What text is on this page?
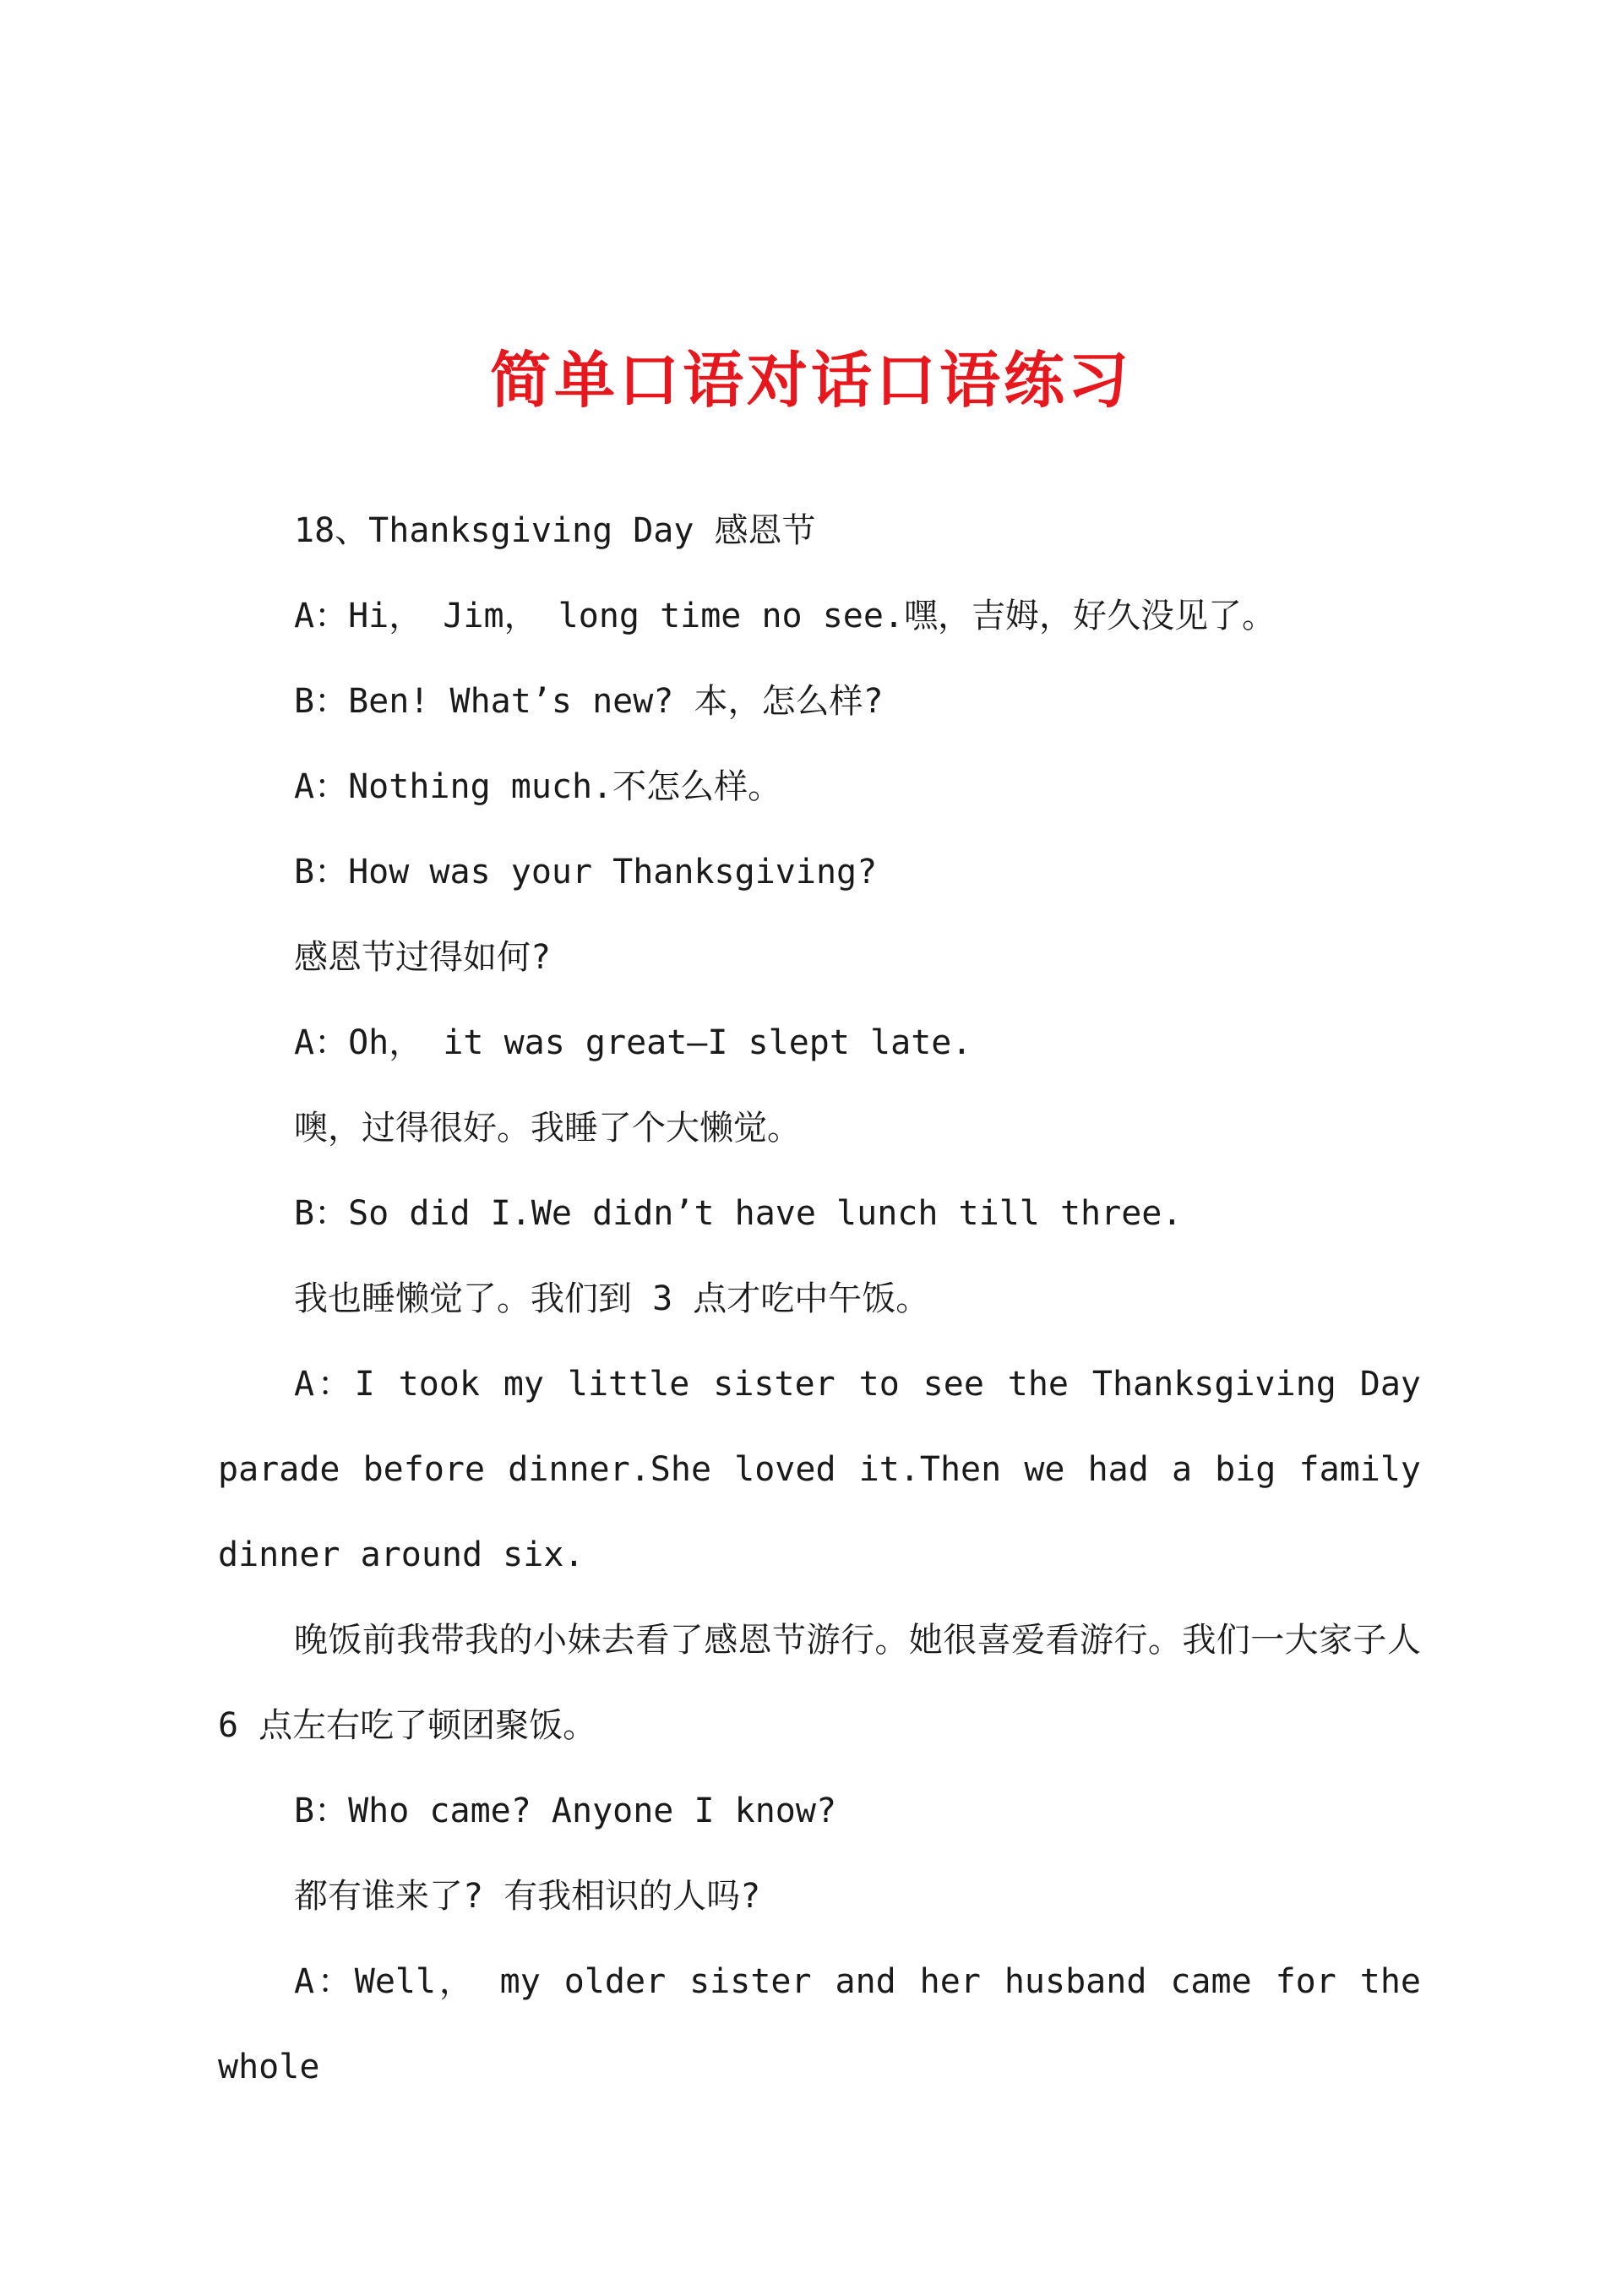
简单口语对话口语练习

18、Thanksgiving Day 感恩节

A：Hi， Jim， long time no see.嘿，吉姆，好久没见了。

B：Ben! What’s new? 本，怎么样?

A：Nothing much.不怎么样。

B：How was your Thanksgiving?

感恩节过得如何?

A：Oh， it was great—I slept late.

噢，过得很好。我睡了个大懒觉。

B：So did I.We didn’t have lunch till three.

我也睡懒觉了。我们到 3 点才吃中午饭。

A：I took my little sister to see the Thanksgiving Day parade before dinner.She loved it.Then we had a big family dinner around six.

晚饭前我带我的小妹去看了感恩节游行。她很喜爱看游行。我们一大家子人 6 点左右吃了顿团聚饭。

B：Who came? Anyone I know?

都有谁来了? 有我相识的人吗?

A：Well， my older sister and her husband came for the whole
